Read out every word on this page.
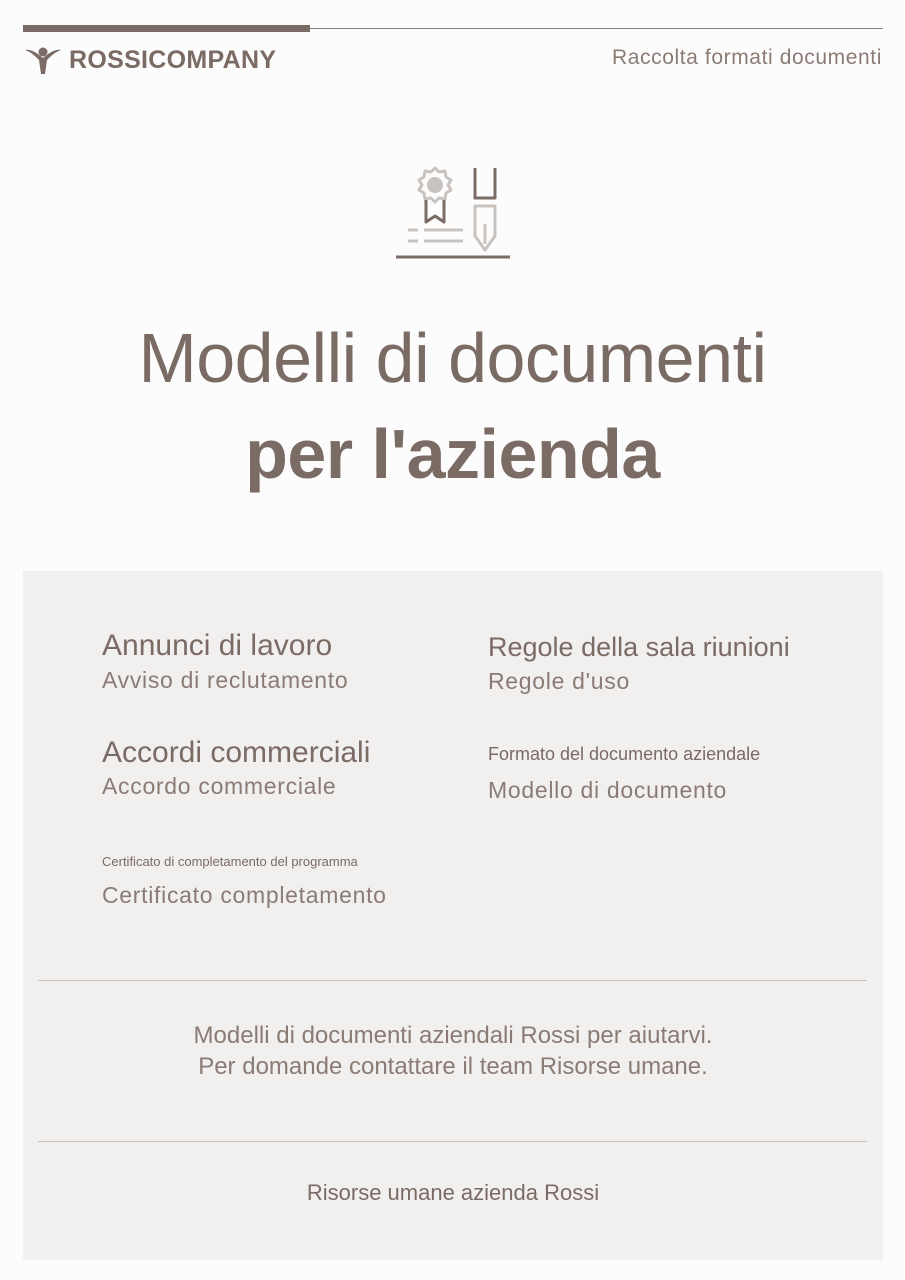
ROSSICOMPANY	Raccolta formati documenti
Modelli di documenti
per l'azienda
Annunci di lavoro
Avviso di reclutamento
Regole della sala riunioni
Regole d'uso
Accordi commerciali
Accordo commerciale
Formato del documento aziendale
Modello di documento
Certificato di completamento del programma
Certificato completamento
Modelli di documenti aziendali Rossi per aiutarvi.
Per domande contattare il team Risorse umane.
Risorse umane azienda Rossi
